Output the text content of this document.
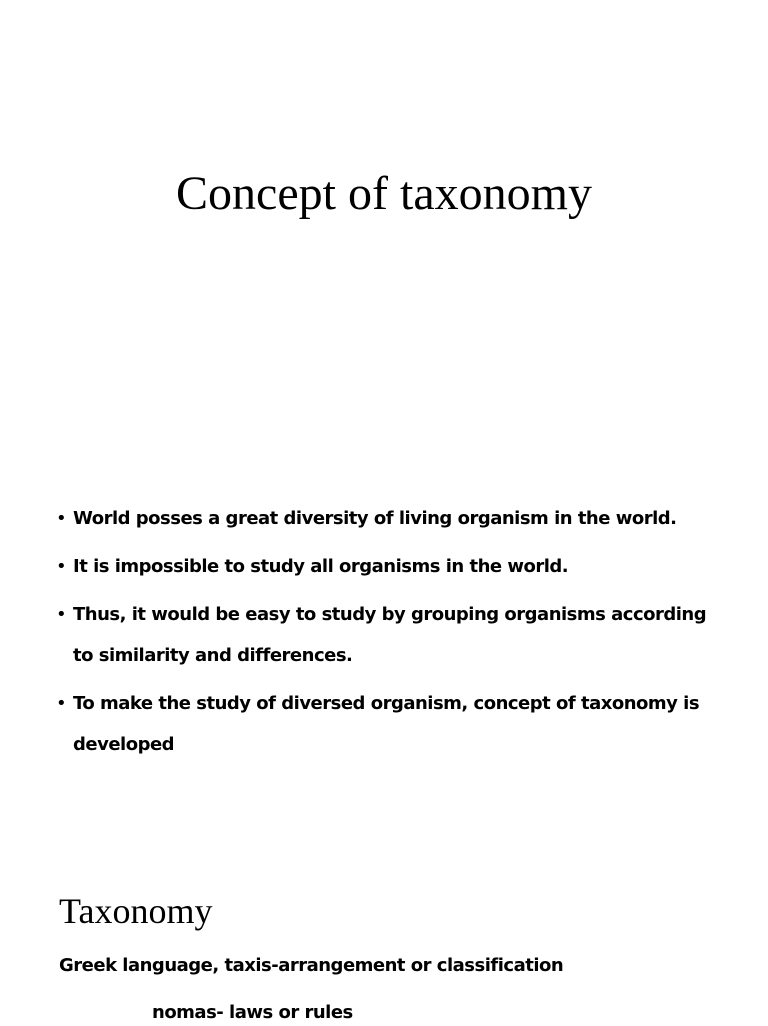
Concept of taxonomy
• World posses a great diversity of living organism in the world.
• It is impossible to study all organisms in the world.
• Thus, it would be easy to study by grouping organisms according to similarity and differences.
• To make the study of diversed organism, concept of taxonomy is developed
Taxonomy

Greek language, taxis-arrangement or classification

nomas- laws or rules
